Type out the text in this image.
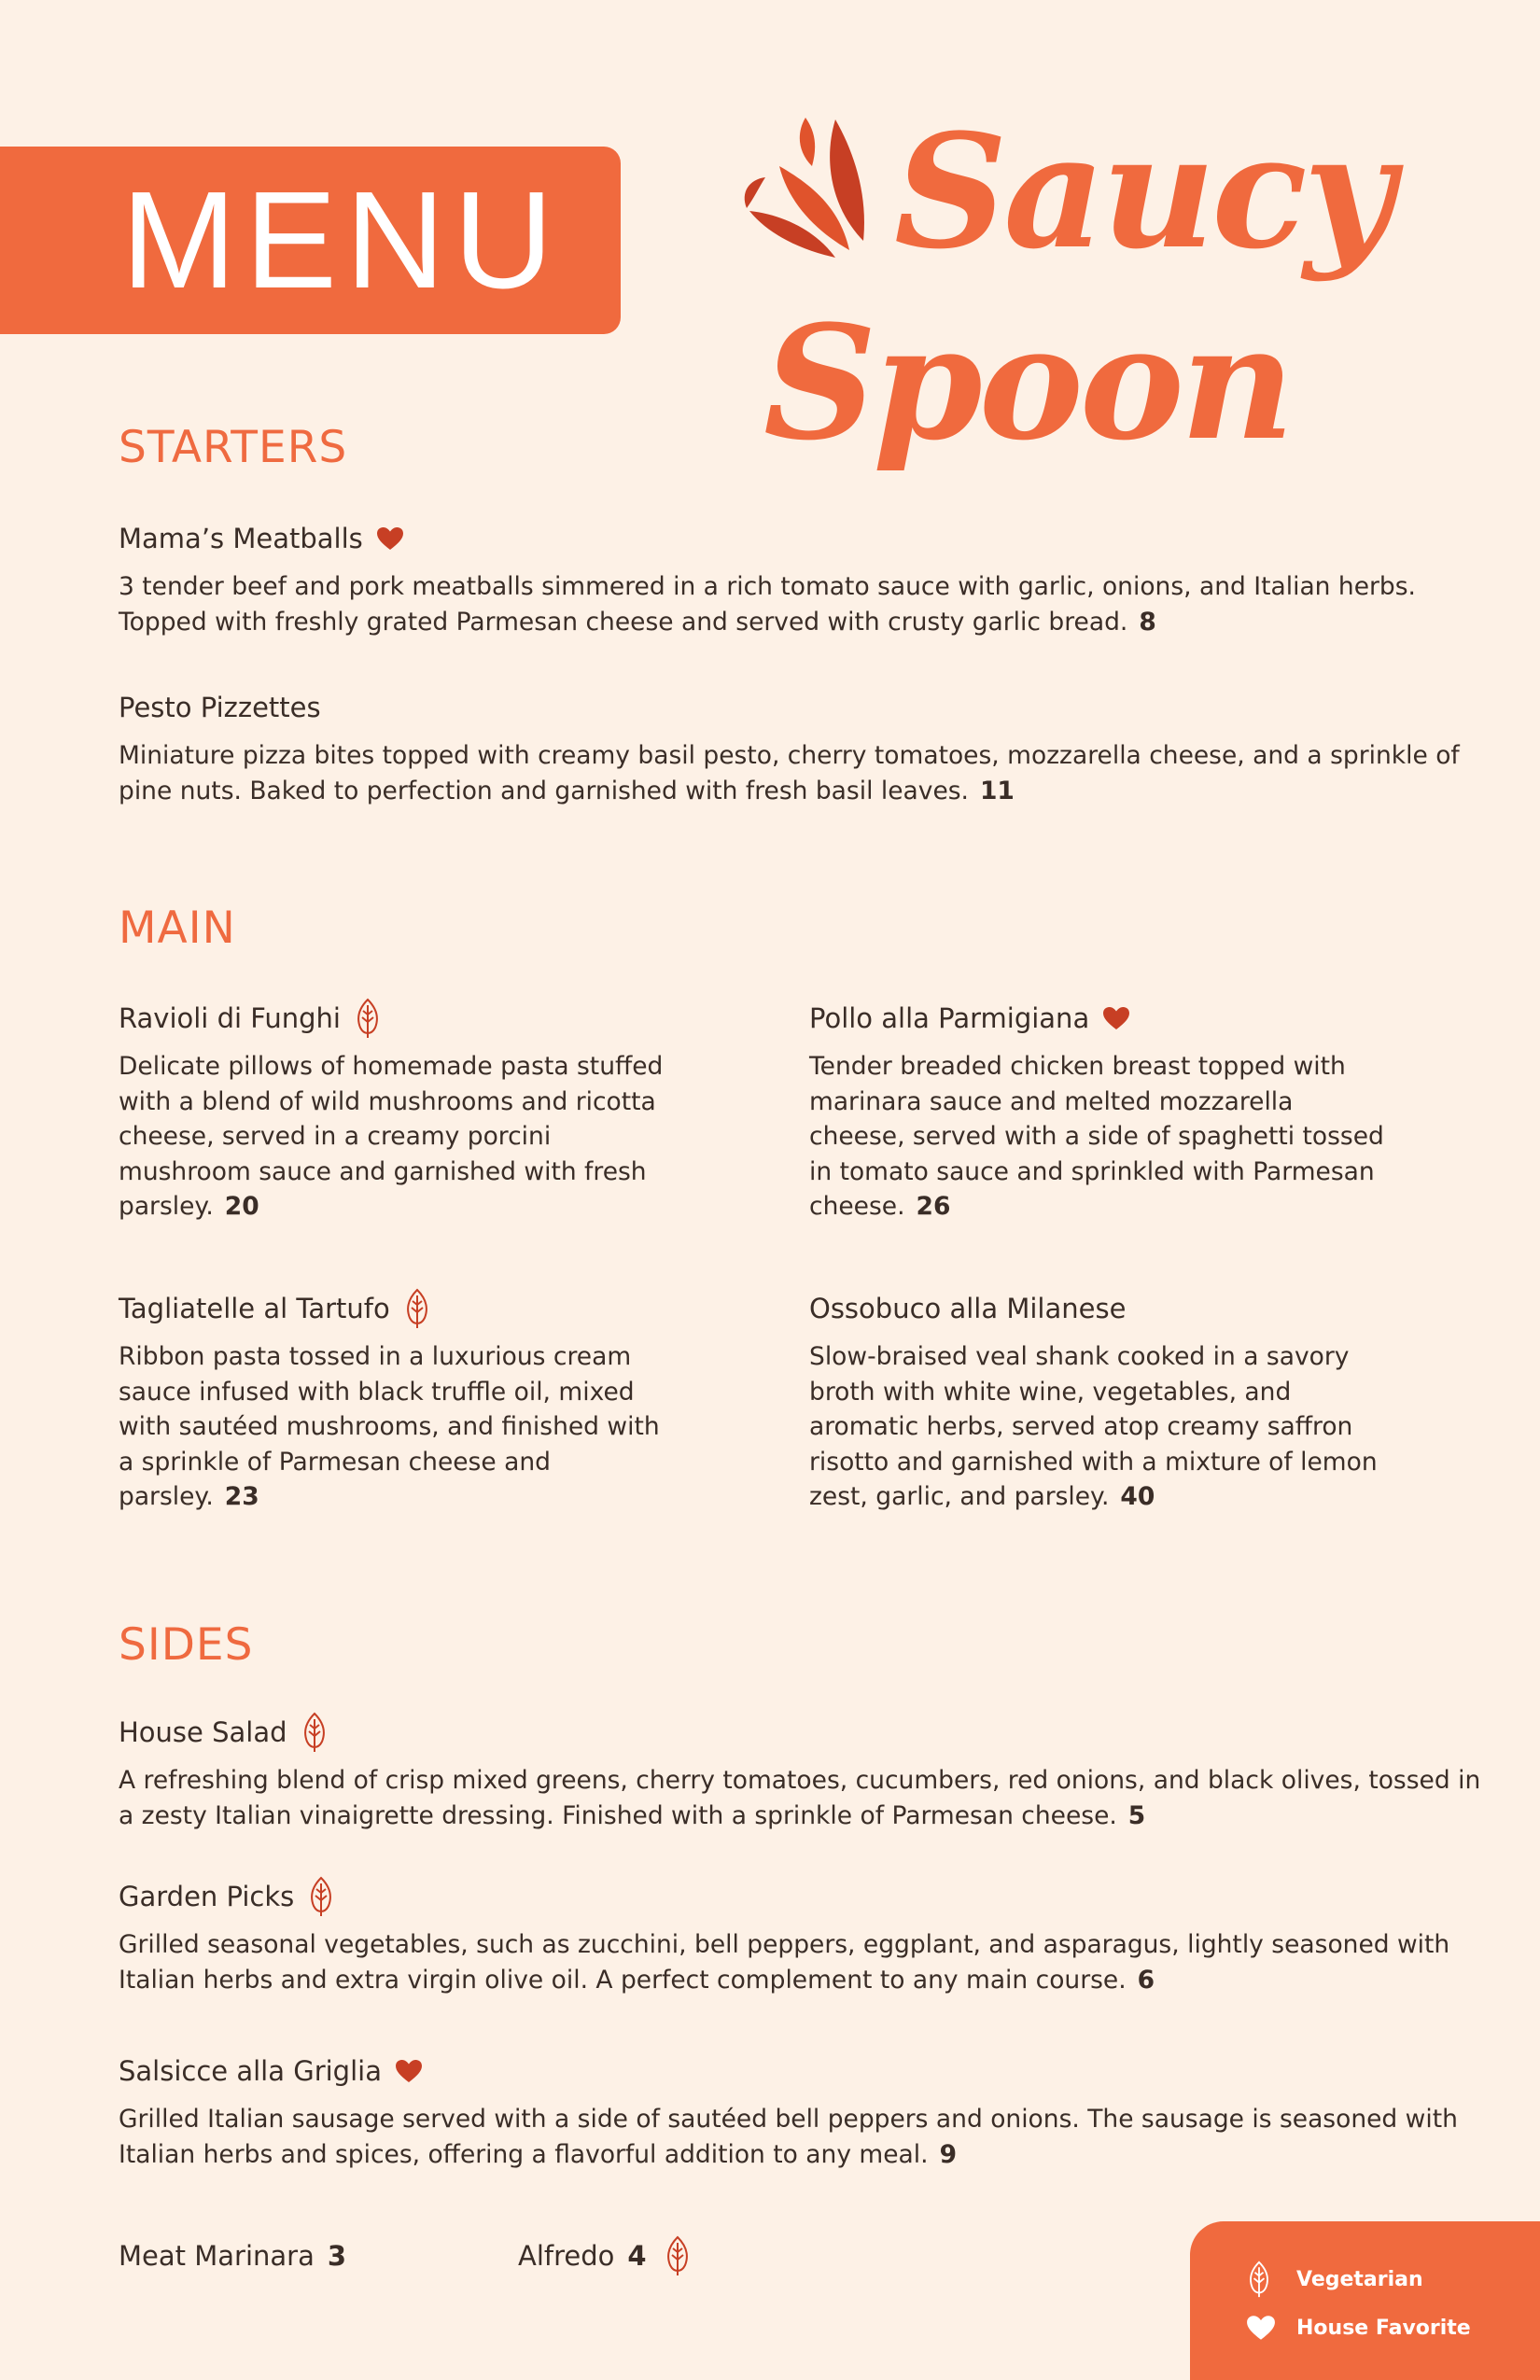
MENU Saucy
Spoon
STARTERS
Mama’s Meatballs
3 tender beef and pork meatballs simmered in a rich tomato sauce with garlic, onions, and Italian herbs. Topped with freshly grated Parmesan cheese and served with crusty garlic bread. 8
Pesto Pizzettes
Miniature pizza bites topped with creamy basil pesto, cherry tomatoes, mozzarella cheese, and a sprinkle of pine nuts. Baked to perfection and garnished with fresh basil leaves. 11
MAIN
Ravioli di Funghi
Delicate pillows of homemade pasta stuffed with a blend of wild mushrooms and ricotta cheese, served in a creamy porcini mushroom sauce and garnished with fresh parsley. 20
Pollo alla Parmigiana
Tender breaded chicken breast topped with marinara sauce and melted mozzarella cheese, served with a side of spaghetti tossed in tomato sauce and sprinkled with Parmesan cheese. 26
Tagliatelle al Tartufo
Ribbon pasta tossed in a luxurious cream sauce infused with black truffle oil, mixed with sautéed mushrooms, and finished with a sprinkle of Parmesan cheese and parsley. 23
Ossobuco alla Milanese
Slow-braised veal shank cooked in a savory broth with white wine, vegetables, and aromatic herbs, served atop creamy saffron risotto and garnished with a mixture of lemon zest, garlic, and parsley. 40
SIDES
House Salad
A refreshing blend of crisp mixed greens, cherry tomatoes, cucumbers, red onions, and black olives, tossed in a zesty Italian vinaigrette dressing. Finished with a sprinkle of Parmesan cheese. 5
Garden Picks
Grilled seasonal vegetables, such as zucchini, bell peppers, eggplant, and asparagus, lightly seasoned with Italian herbs and extra virgin olive oil. A perfect complement to any main course. 6
Salsicce alla Griglia
Grilled Italian sausage served with a side of sautéed bell peppers and onions. The sausage is seasoned with Italian herbs and spices, offering a flavorful addition to any meal. 9
Meat Marinara 3	Alfredo 4
Vegetarian
House Favorite
